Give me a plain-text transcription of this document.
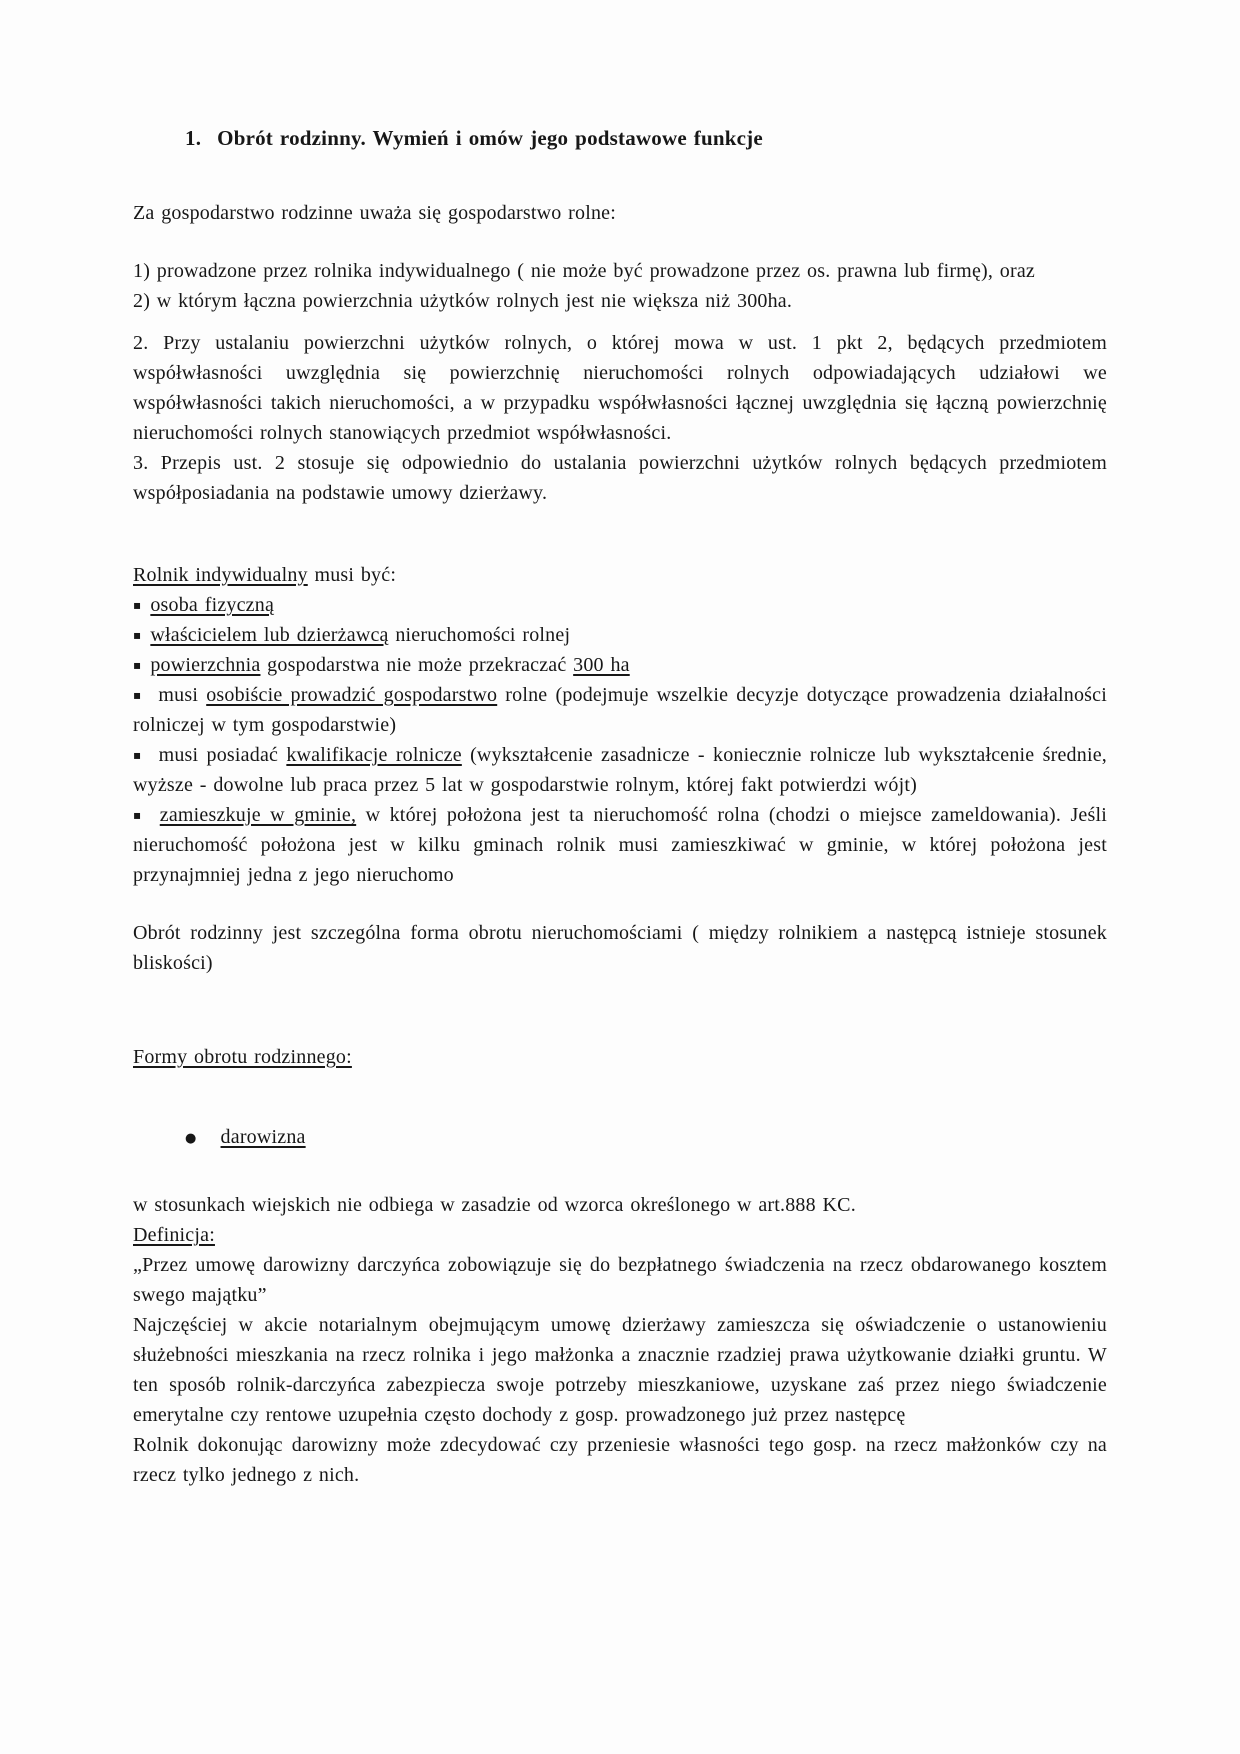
1. Obrót rodzinny. Wymień i omów jego podstawowe funkcje

Za gospodarstwo rodzinne uważa się gospodarstwo rolne:

1) prowadzone przez rolnika indywidualnego ( nie może być prowadzone przez os. prawna lub firmę), oraz

2) w którym łączna powierzchnia użytków rolnych jest nie większa niż 300ha.

2. Przy ustalaniu powierzchni użytków rolnych, o której mowa w ust. 1 pkt 2, będących przedmiotem współwłasności uwzględnia się powierzchnię nieruchomości rolnych odpowiadających udziałowi we współwłasności takich nieruchomości, a w przypadku współwłasności łącznej uwzględnia się łączną powierzchnię nieruchomości rolnych stanowiących przedmiot współwłasności.

3. Przepis ust. 2 stosuje się odpowiednio do ustalania powierzchni użytków rolnych będących przedmiotem współposiadania na podstawie umowy dzierżawy.

Rolnik indywidualny musi być:

▪ osoba fizyczną

▪ właścicielem lub dzierżawcą nieruchomości rolnej

▪ powierzchnia gospodarstwa nie może przekraczać 300 ha

▪ musi osobiście prowadzić gospodarstwo rolne (podejmuje wszelkie decyzje dotyczące prowadzenia działalności rolniczej w tym gospodarstwie)

▪ musi posiadać kwalifikacje rolnicze (wykształcenie zasadnicze - koniecznie rolnicze lub wykształcenie średnie, wyższe - dowolne lub praca przez 5 lat w gospodarstwie rolnym, której fakt potwierdzi wójt)

▪ zamieszkuje w gminie, w której położona jest ta nieruchomość rolna (chodzi o miejsce zameldowania). Jeśli nieruchomość położona jest w kilku gminach rolnik musi zamieszkiwać w gminie, w której położona jest przynajmniej jedna z jego nieruchomo

Obrót rodzinny jest szczególna forma obrotu nieruchomościami ( między rolnikiem a następcą istnieje stosunek bliskości)

Formy obrotu rodzinnego:

● darowizna

w stosunkach wiejskich nie odbiega w zasadzie od wzorca określonego w art.888 KC.

Definicja:

„Przez umowę darowizny darczyńca zobowiązuje się do bezpłatnego świadczenia na rzecz obdarowanego kosztem swego majątku”

Najczęściej w akcie notarialnym obejmującym umowę dzierżawy zamieszcza się oświadczenie o ustanowieniu służebności mieszkania na rzecz rolnika i jego małżonka a znacznie rzadziej prawa użytkowanie działki gruntu. W ten sposób rolnik-darczyńca zabezpiecza swoje potrzeby mieszkaniowe, uzyskane zaś przez niego świadczenie emerytalne czy rentowe uzupełnia często dochody z gosp. prowadzonego już przez następcę

Rolnik dokonując darowizny może zdecydować czy przeniesie własności tego gosp. na rzecz małżonków czy na rzecz tylko jednego z nich.
